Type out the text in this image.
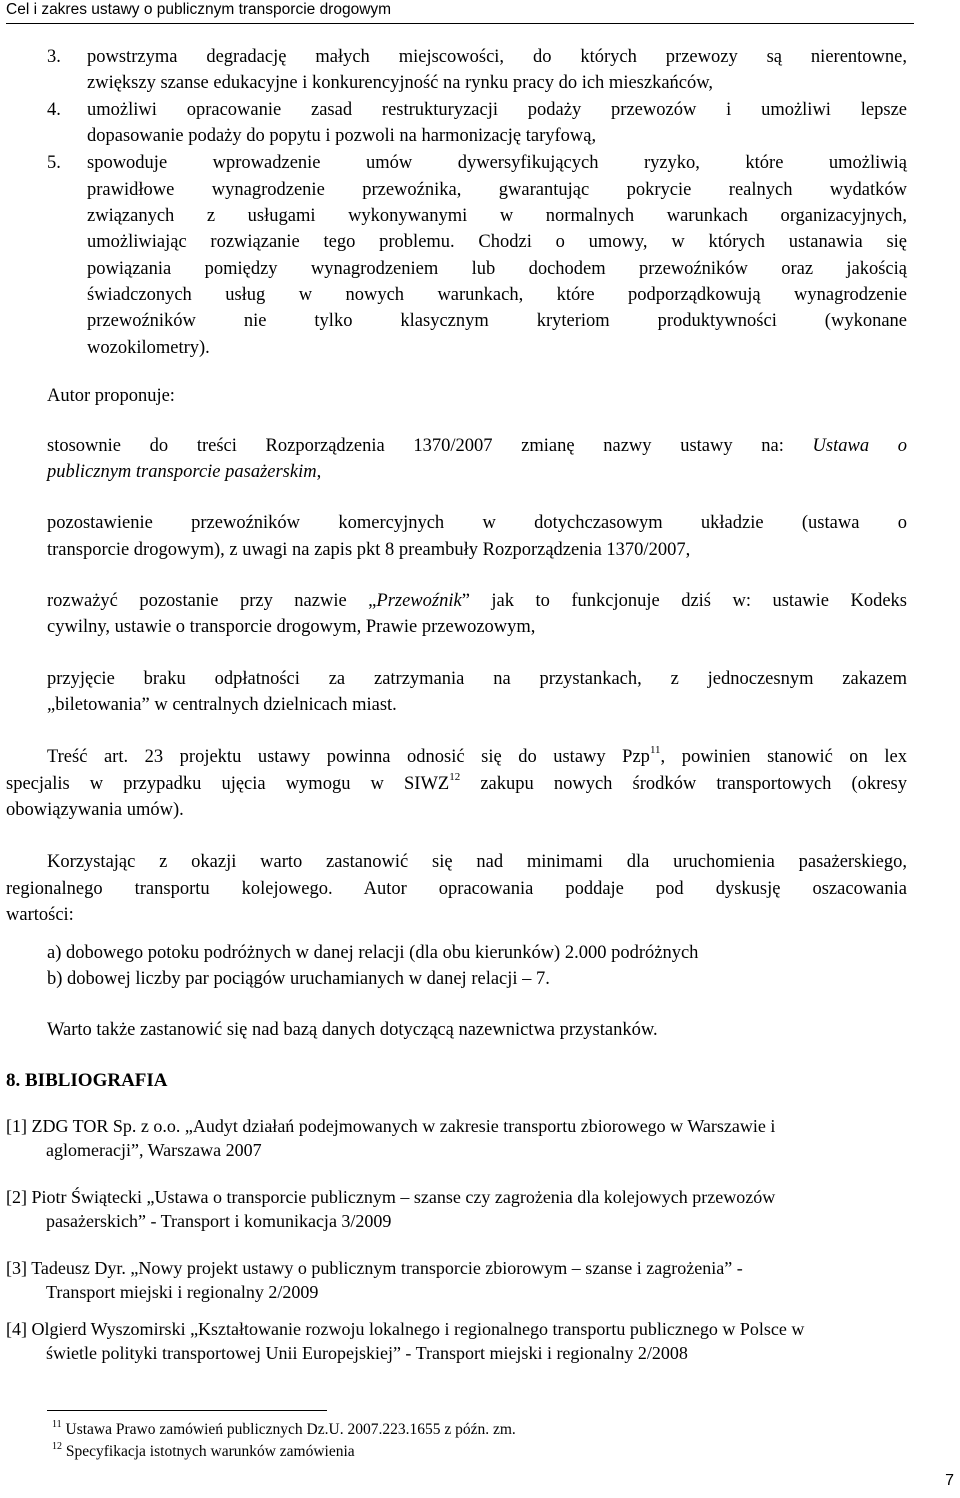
Cel i zakres ustawy o publicznym transporcie drogowym
3. powstrzyma degradację małych miejscowości, do których przewozy są nierentowne,

zwiększy szanse edukacyjne i konkurencyjność na rynku pracy do ich mieszkańców,

4. umożliwi opracowanie zasad restrukturyzacji podaży przewozów i umożliwi lepsze

dopasowanie podaży do popytu i pozwoli na harmonizację taryfową,

5. spowoduje wprowadzenie umów dywersyfikujących ryzyko, które umożliwią

prawidłowe wynagrodzenie przewoźnika, gwarantując pokrycie realnych wydatków

związanych z usługami wykonywanymi w normalnych warunkach organizacyjnych,

umożliwiając rozwiązanie tego problemu. Chodzi o umowy, w których ustanawia się

powiązania pomiędzy wynagrodzeniem lub dochodem przewoźników oraz jakością

świadczonych usług w nowych warunkach, które podporządkowują wynagrodzenie

przewoźników nie tylko klasycznym kryteriom produktywności (wykonane

wozokilometry).

Autor proponuje:

stosownie do treści Rozporządzenia 1370/2007 zmianę nazwy ustawy na: Ustawa o

publicznym transporcie pasażerskim,

pozostawienie przewoźników komercyjnych w dotychczasowym układzie (ustawa o

transporcie drogowym), z uwagi na zapis pkt 8 preambuły Rozporządzenia 1370/2007,

rozważyć pozostanie przy nazwie „Przewoźnik” jak to funkcjonuje dziś w: ustawie Kodeks

cywilny, ustawie o transporcie drogowym, Prawie przewozowym,

przyjęcie braku odpłatności za zatrzymania na przystankach, z jednoczesnym zakazem

„biletowania” w centralnych dzielnicach miast.

Treść art. 23 projektu ustawy powinna odnosić się do ustawy Pzp$^{11}$, powinien stanowić on lex

specjalis w przypadku ujęcia wymogu w SIWZ$^{12}$ zakupu nowych środków transportowych (okresy

obowiązywania umów).

Korzystając z okazji warto zastanowić się nad minimami dla uruchomienia pasażerskiego,

regionalnego transportu kolejowego. Autor opracowania poddaje pod dyskusję oszacowania

wartości:

a) dobowego potoku podróżnych w danej relacji (dla obu kierunków) 2.000 podróżnych

b) dobowej liczby par pociągów uruchamianych w danej relacji – 7.

Warto także zastanowić się nad bazą danych dotyczącą nazewnictwa przystanków.

8. BIBLIOGRAFIA

[1] ZDG TOR Sp. z o.o. „Audyt działań podejmowanych w zakresie transportu zbiorowego w Warszawie i
aglomeracji”, Warszawa 2007
[2] Piotr Świątecki „Ustawa o transporcie publicznym – szanse czy zagrożenia dla kolejowych przewozów
pasażerskich” - Transport i komunikacja 3/2009
[3] Tadeusz Dyr. „Nowy projekt ustawy o publicznym transporcie zbiorowym – szanse i zagrożenia” -
Transport miejski i regionalny 2/2009
[4] Olgierd Wyszomirski „Kształtowanie rozwoju lokalnego i regionalnego transportu publicznego w Polsce w
świetle polityki transportowej Unii Europejskiej” - Transport miejski i regionalny 2/2008

$^{11}$ Ustawa Prawo zamówień publicznych Dz.U. 2007.223.1655 z późn. zm.

$^{12}$ Specyfikacja istotnych warunków zamówienia

7
